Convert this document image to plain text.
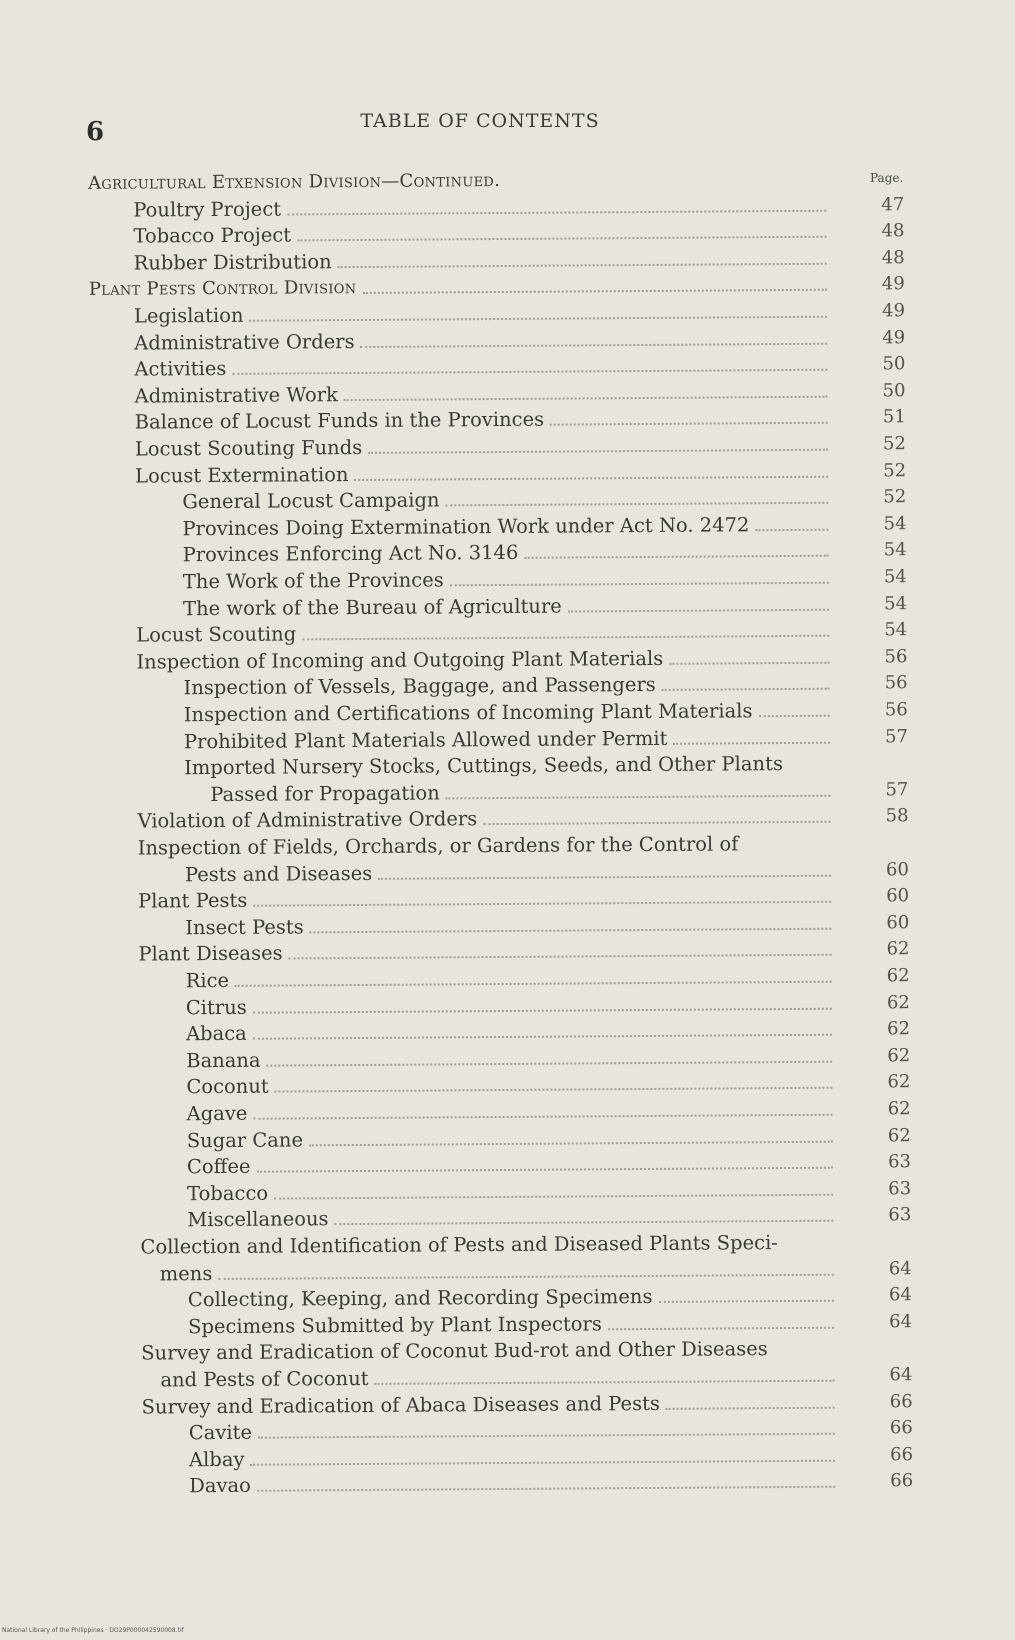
6	TABLE OF CONTENTS
Page.
Agricultural Etxension Division—Continued.
Poultry Project	47
Tobacco Project	48
Rubber Distribution	48
Plant Pests Control Division	49
Legislation	49
Administrative Orders	49
Activities	50
Administrative Work	50
Balance of Locust Funds in the Provinces	51
Locust Scouting Funds	52
Locust Extermination	52
General Locust Campaign	52
Provinces Doing Extermination Work under Act No. 2472	54
Provinces Enforcing Act No. 3146	54
The Work of the Provinces	54
The work of the Bureau of Agriculture	54
Locust Scouting	54
Inspection of Incoming and Outgoing Plant Materials	56
Inspection of Vessels, Baggage, and Passengers	56
Inspection and Certifications of Incoming Plant Materials	56
Prohibited Plant Materials Allowed under Permit	57
Imported Nursery Stocks, Cuttings, Seeds, and Other Plants
Passed for Propagation	57
Violation of Administrative Orders	58
Inspection of Fields, Orchards, or Gardens for the Control of
Pests and Diseases	60
Plant Pests	60
Insect Pests	60
Plant Diseases	62
Rice	62
Citrus	62
Abaca	62
Banana	62
Coconut	62
Agave	62
Sugar Cane	62
Coffee	63
Tobacco	63
Miscellaneous	63
Collection and Identification of Pests and Diseased Plants Speci-
mens	64
Collecting, Keeping, and Recording Specimens	64
Specimens Submitted by Plant Inspectors	64
Survey and Eradication of Coconut Bud-rot and Other Diseases
and Pests of Coconut	64
Survey and Eradication of Abaca Diseases and Pests	66
Cavite	66
Albay	66
Davao	66
National Library of the Philippines · DO29P000042590008.tif
